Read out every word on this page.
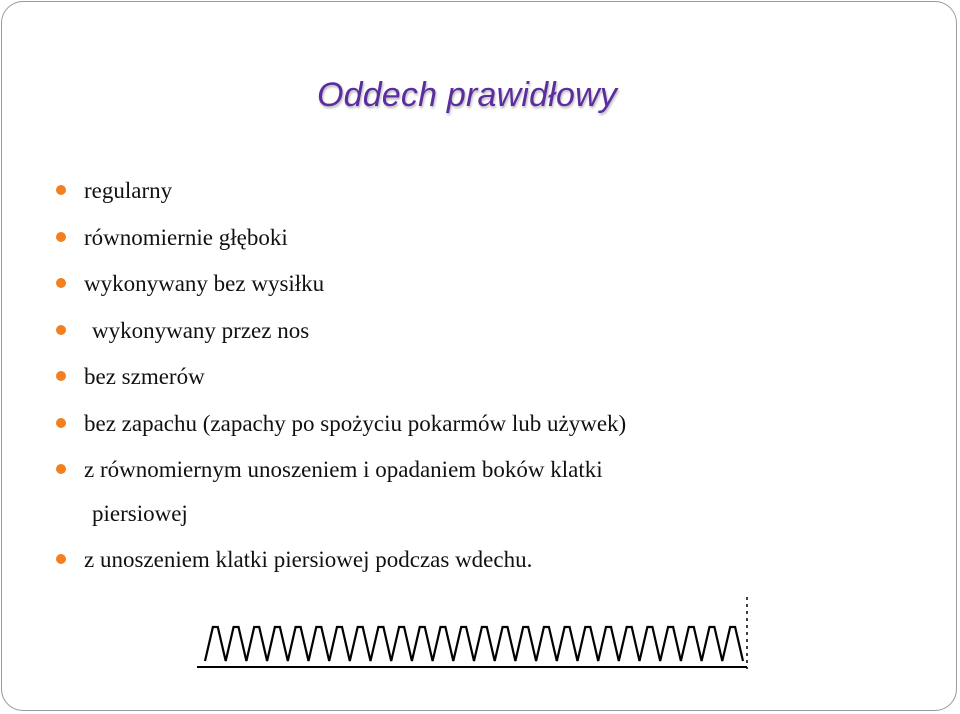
Oddech prawidłowy
regularny
równomiernie głęboki
wykonywany bez wysiłku
wykonywany przez nos
bez szmerów
bez zapachu (zapachy po spożyciu pokarmów lub używek)
z równomiernym unoszeniem i opadaniem boków klatki
piersiowej
z unoszeniem klatki piersiowej podczas wdechu.
